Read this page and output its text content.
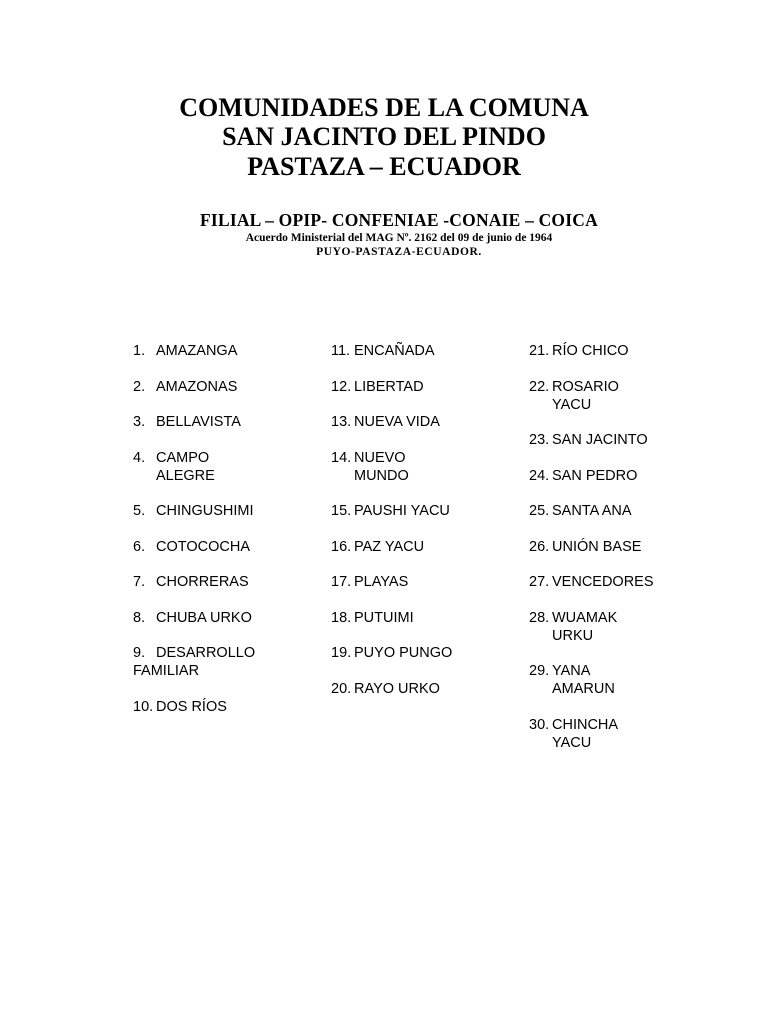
COMUNIDADES DE LA COMUNA
SAN JACINTO DEL PINDO
PASTAZA – ECUADOR
FILIAL – OPIP- CONFENIAE -CONAIE – COICA
Acuerdo Ministerial del MAG Nº. 2162 del 09 de junio de 1964
PUYO-PASTAZA-ECUADOR.
1. AMAZANGA
2. AMAZONAS
3. BELLAVISTA
4. CAMPO ALEGRE
5. CHINGUSHIMI
6. COTOCOCHA
7. CHORRERAS
8. CHUBA URKO
9. DESARROLLO FAMILIAR
10. DOS RÍOS
11. ENCAÑADA
12. LIBERTAD
13. NUEVA VIDA
14. NUEVO MUNDO
15. PAUSHI YACU
16. PAZ YACU
17. PLAYAS
18. PUTUIMI
19. PUYO PUNGO
20. RAYO URKO
21. RÍO CHICO
22. ROSARIO YACU
23. SAN JACINTO
24. SAN PEDRO
25. SANTA ANA
26. UNIÓN BASE
27. VENCEDORES
28. WUAMAK URKU
29. YANA AMARUN
30. CHINCHA YACU
